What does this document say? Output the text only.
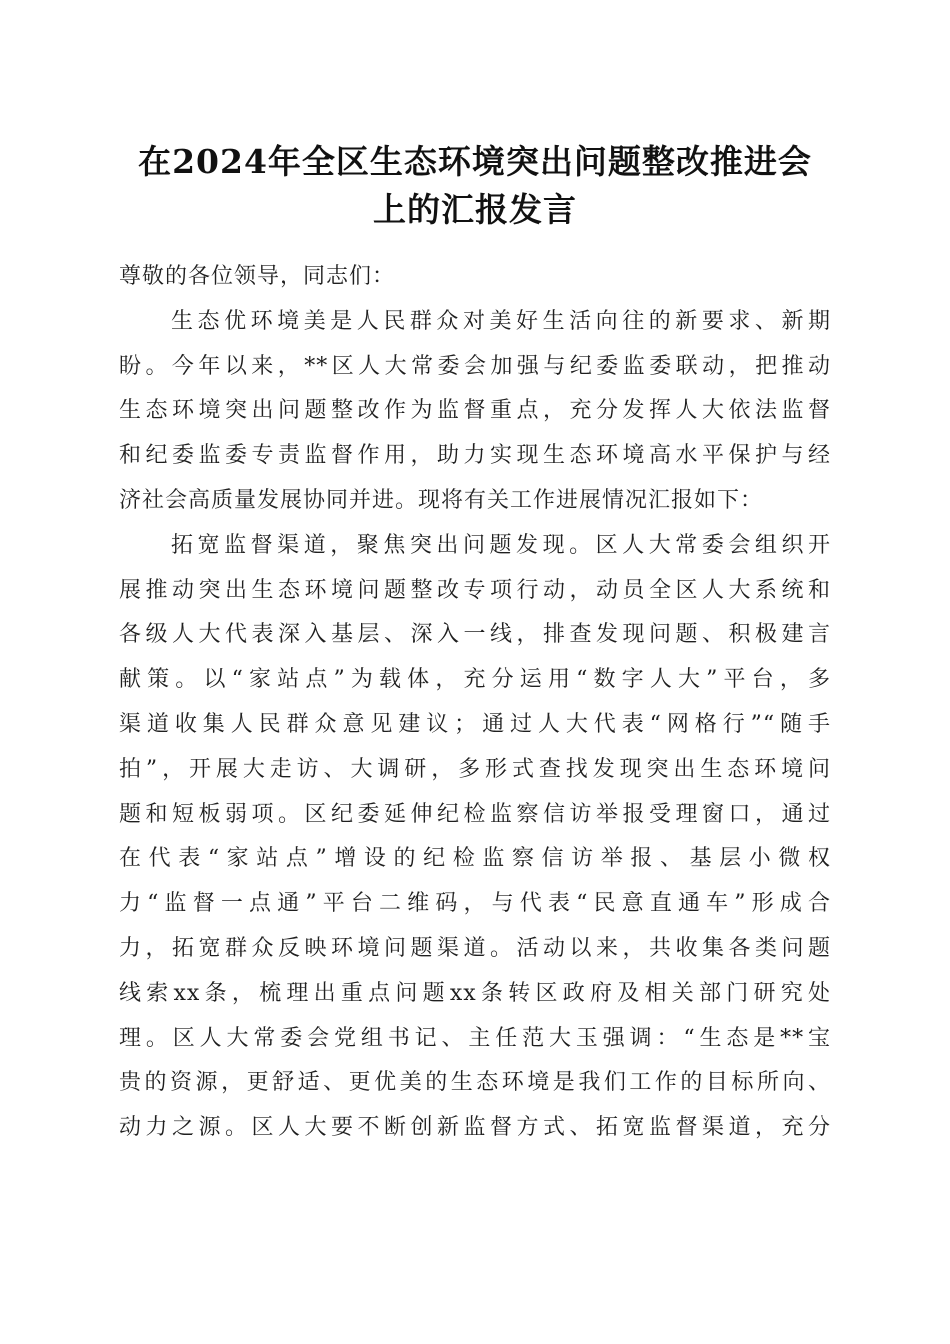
在2024年全区生态环境突出问题整改推进会
上的汇报发言
尊敬的各位领导，同志们：
生态优环境美是人民群众对美好生活向往的新要求、新期
盼。今年以来，**区人大常委会加强与纪委监委联动，把推动
生态环境突出问题整改作为监督重点，充分发挥人大依法监督
和纪委监委专责监督作用，助力实现生态环境高水平保护与经
济社会高质量发展协同并进。现将有关工作进展情况汇报如下：
拓宽监督渠道，聚焦突出问题发现。区人大常委会组织开
展推动突出生态环境问题整改专项行动，动员全区人大系统和
各级人大代表深入基层、深入一线，排查发现问题、积极建言
献策。以“家站点”为载体，充分运用“数字人大”平台，多
渠道收集人民群众意见建议；通过人大代表“网格行”“随手
拍”，开展大走访、大调研，多形式查找发现突出生态环境问
题和短板弱项。区纪委延伸纪检监察信访举报受理窗口，通过
在代表“家站点”增设的纪检监察信访举报、基层小微权
力“监督一点通”平台二维码，与代表“民意直通车”形成合
力，拓宽群众反映环境问题渠道。活动以来，共收集各类问题
线索xx条，梳理出重点问题xx条转区政府及相关部门研究处
理。区人大常委会党组书记、主任范大玉强调：“生态是**宝
贵的资源，更舒适、更优美的生态环境是我们工作的目标所向、
动力之源。区人大要不断创新监督方式、拓宽监督渠道，充分
